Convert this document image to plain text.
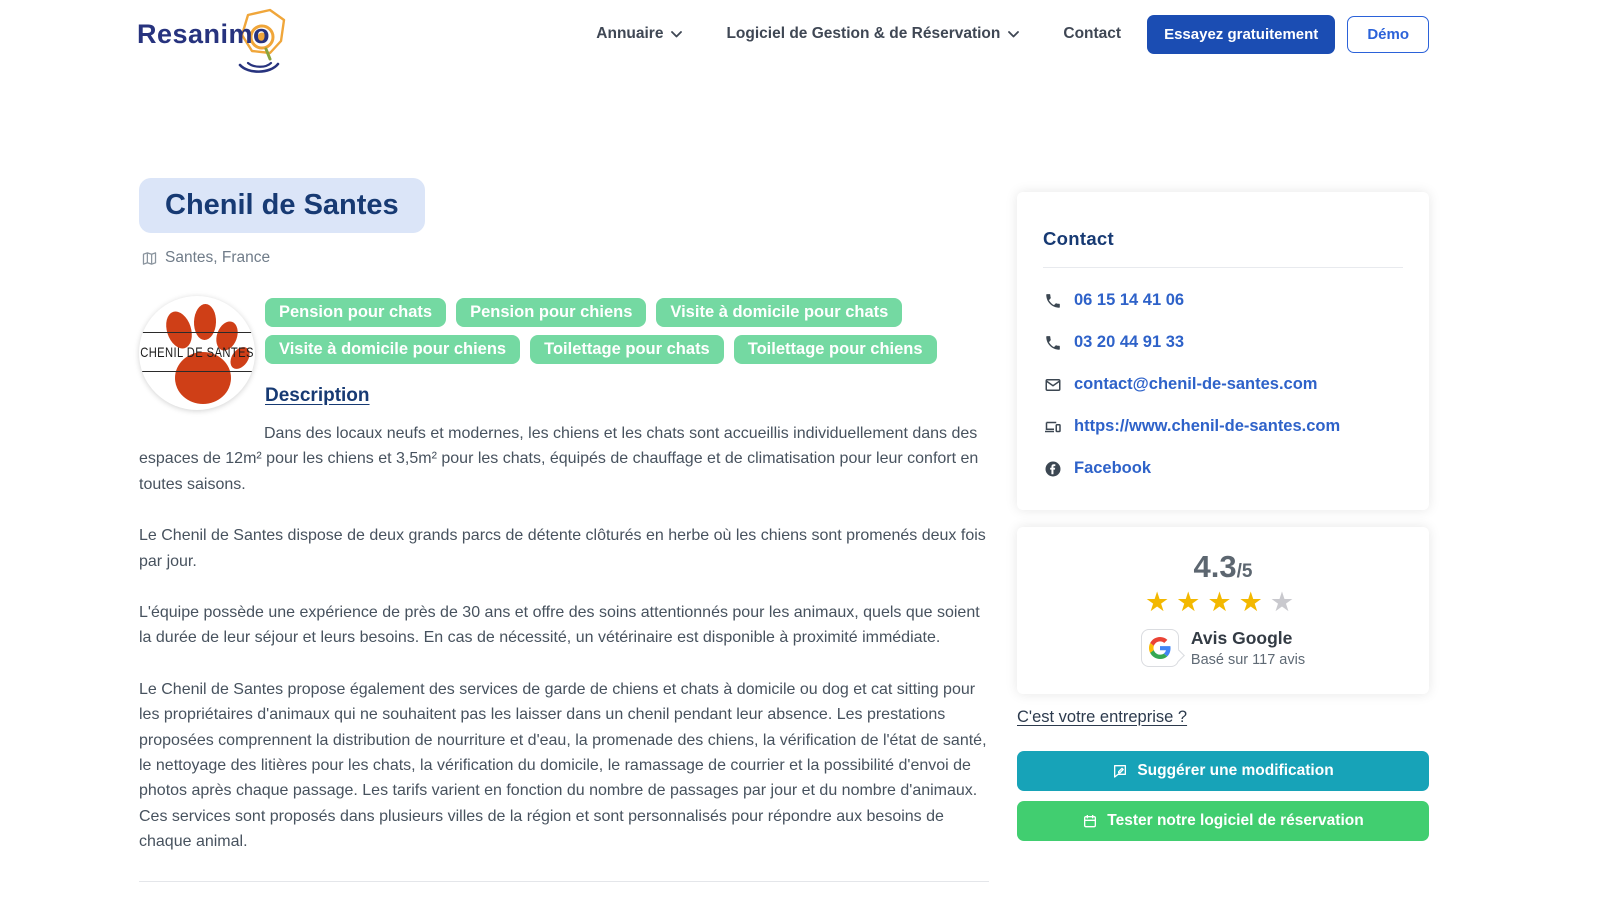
Resanimo	Annuaire	Logiciel de Gestion & de Réservation	Contact	Essayez gratuitement	Démo
Chenil de Santes
Santes, France
CHENIL DE SANTES
Pension pour chats	Pension pour chiens	Visite à domicile pour chats
Visite à domicile pour chiens	Toilettage pour chats	Toilettage pour chiens
Description

Dans des locaux neufs et modernes, les chiens et les chats sont accueillis individuellement dans des espaces de 12m² pour les chiens et 3,5m² pour les chats, équipés de chauffage et de climatisation pour leur confort en toutes saisons.

Le Chenil de Santes dispose de deux grands parcs de détente clôturés en herbe où les chiens sont promenés deux fois par jour.

L'équipe possède une expérience de près de 30 ans et offre des soins attentionnés pour les animaux, quels que soient la durée de leur séjour et leurs besoins. En cas de nécessité, un vétérinaire est disponible à proximité immédiate.

Le Chenil de Santes propose également des services de garde de chiens et chats à domicile ou dog et cat sitting pour les propriétaires d'animaux qui ne souhaitent pas les laisser dans un chenil pendant leur absence. Les prestations proposées comprennent la distribution de nourriture et d'eau, la promenade des chiens, la vérification de l'état de santé, le nettoyage des litières pour les chats, la vérification du domicile, le ramassage de courrier et la possibilité d'envoi de photos après chaque passage. Les tarifs varient en fonction du nombre de passages par jour et du nombre d'animaux. Ces services sont proposés dans plusieurs villes de la région et sont personnalisés pour répondre aux besoins de chaque animal.

Contact
06 15 14 41 06
03 20 44 91 33
contact@chenil-de-santes.com
https://www.chenil-de-santes.com
Facebook
4.3/5
★★★★★
Avis Google
Basé sur 117 avis
C'est votre entreprise ?
Suggérer une modification
Tester notre logiciel de réservation
